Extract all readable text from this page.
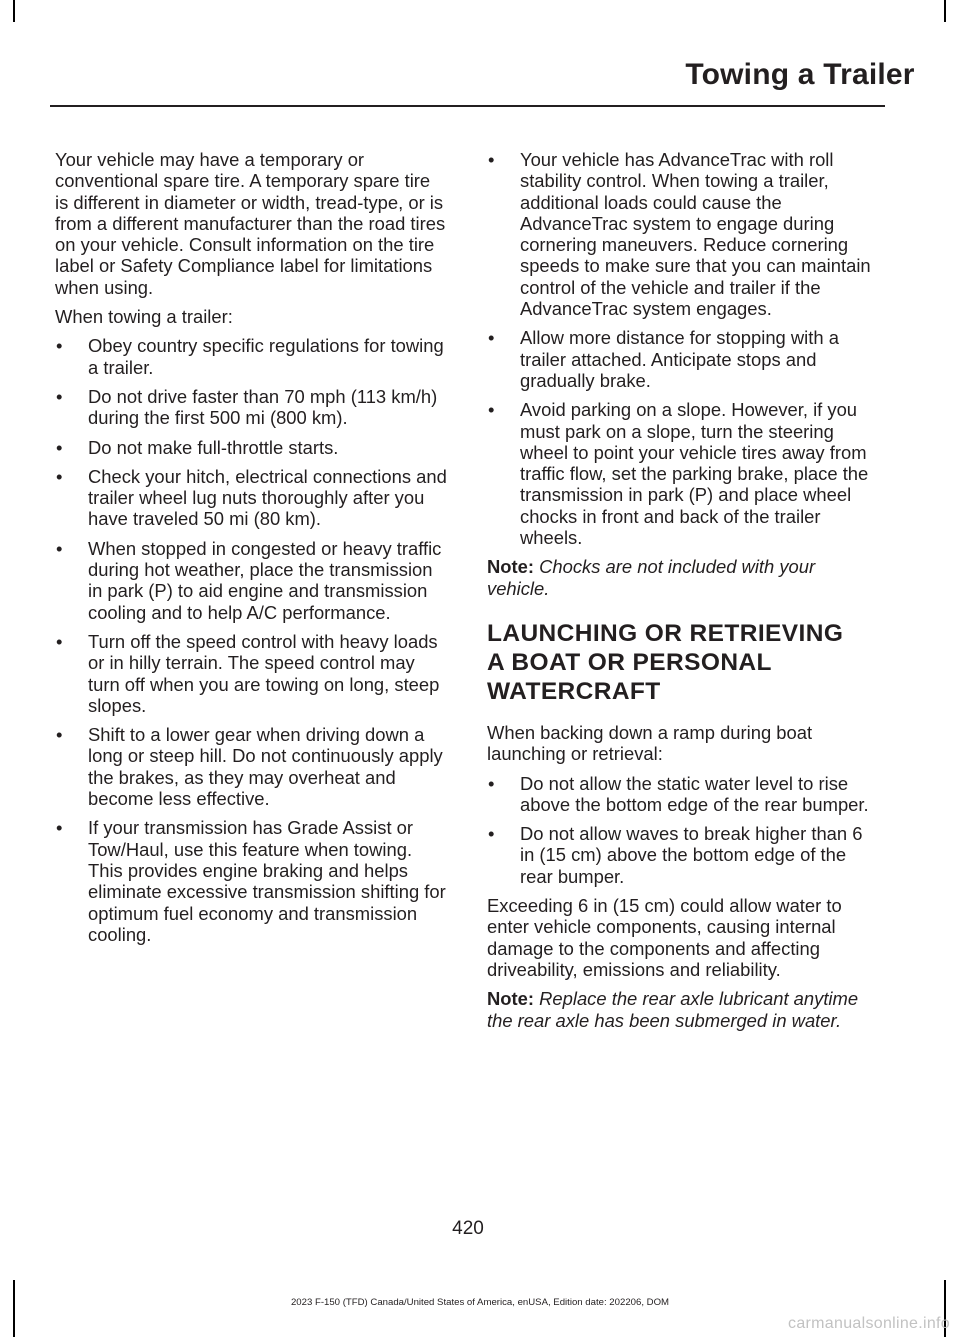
Towing a Trailer

Your vehicle may have a temporary or conventional spare tire. A temporary spare tire is different in diameter or width, tread-type, or is from a different manufacturer than the road tires on your vehicle. Consult information on the tire label or Safety Compliance label for limitations when using.

When towing a trailer:

• Obey country specific regulations for towing a trailer.
• Do not drive faster than 70 mph (113 km/h) during the first 500 mi (800 km).
• Do not make full-throttle starts.
• Check your hitch, electrical connections and trailer wheel lug nuts thoroughly after you have traveled 50 mi (80 km).
• When stopped in congested or heavy traffic during hot weather, place the transmission in park (P) to aid engine and transmission cooling and to help A/C performance.
• Turn off the speed control with heavy loads or in hilly terrain. The speed control may turn off when you are towing on long, steep slopes.
• Shift to a lower gear when driving down a long or steep hill. Do not continuously apply the brakes, as they may overheat and become less effective.
• If your transmission has Grade Assist or Tow/Haul, use this feature when towing. This provides engine braking and helps eliminate excessive transmission shifting for optimum fuel economy and transmission cooling.
• Your vehicle has AdvanceTrac with roll stability control. When towing a trailer, additional loads could cause the AdvanceTrac system to engage during cornering maneuvers. Reduce cornering speeds to make sure that you can maintain control of the vehicle and trailer if the AdvanceTrac system engages.
• Allow more distance for stopping with a trailer attached. Anticipate stops and gradually brake.
• Avoid parking on a slope. However, if you must park on a slope, turn the steering wheel to point your vehicle tires away from traffic flow, set the parking brake, place the transmission in park (P) and place wheel chocks in front and back of the trailer wheels.

Note: Chocks are not included with your vehicle.

LAUNCHING OR RETRIEVING
A BOAT OR PERSONAL
WATERCRAFT

When backing down a ramp during boat launching or retrieval:

• Do not allow the static water level to rise above the bottom edge of the rear bumper.
• Do not allow waves to break higher than 6 in (15 cm) above the bottom edge of the rear bumper.

Exceeding 6 in (15 cm) could allow water to enter vehicle components, causing internal damage to the components and affecting driveability, emissions and reliability.

Note: Replace the rear axle lubricant anytime the rear axle has been submerged in water.

420
2023 F-150 (TFD) Canada/United States of America, enUSA, Edition date: 202206, DOM
carmanualsonline.info
